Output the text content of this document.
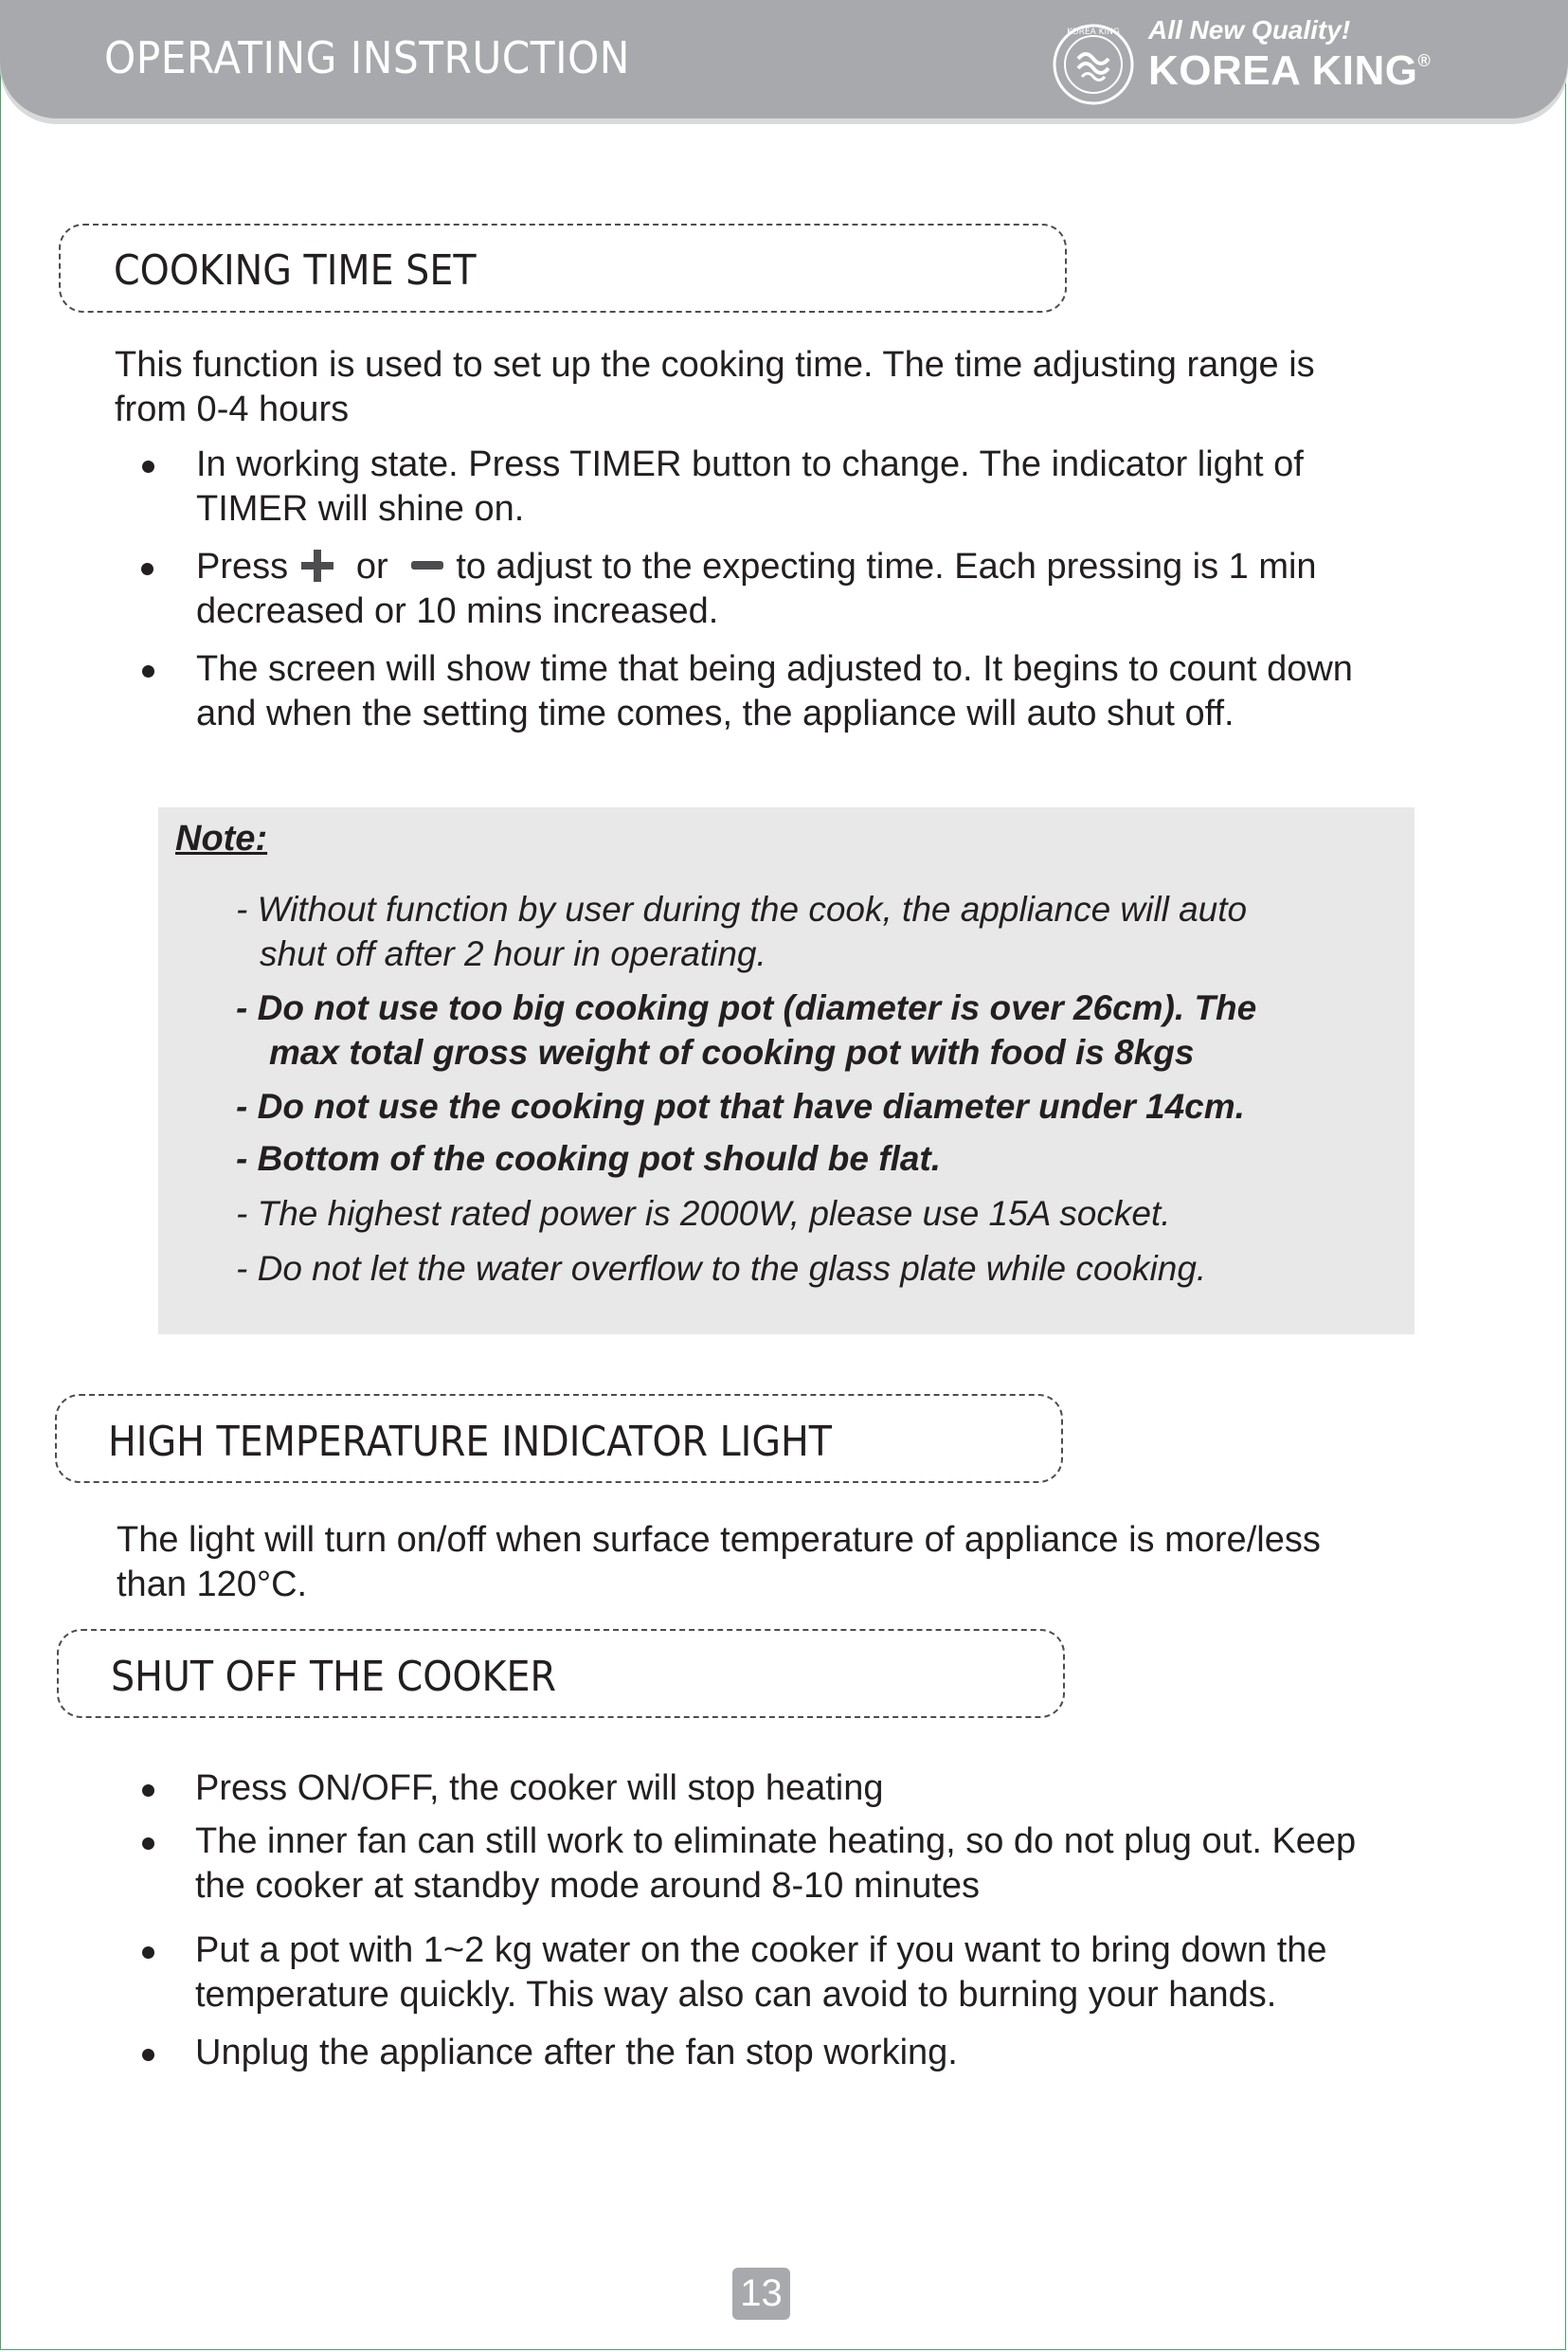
OPERATING INSTRUCTION	KOREA KING All New Quality!
KOREA KING®
COOKING TIME SET

This function is used to set up the cooking time. The time adjusting range is
from 0-4 hours

In working state. Press TIMER button to change. The indicator light of
TIMER will shine on.
Press or to adjust to the expecting time. Each pressing is 1 min
decreased or 10 mins increased.
The screen will show time that being adjusted to. It begins to count down
and when the setting time comes, the appliance will auto shut off.
Note:
- Without function by user during the cook, the appliance will auto
shut off after 2 hour in operating.
- Do not use too big cooking pot (diameter is over 26cm). The
max total gross weight of cooking pot with food is 8kgs
- Do not use the cooking pot that have diameter under 14cm.
- Bottom of the cooking pot should be flat.
- The highest rated power is 2000W, please use 15A socket.
- Do not let the water overflow to the glass plate while cooking.
HIGH TEMPERATURE INDICATOR LIGHT

The light will turn on/off when surface temperature of appliance is more/less
than 120°C.

SHUT OFF THE COOKER
Press ON/OFF, the cooker will stop heating
The inner fan can still work to eliminate heating, so do not plug out. Keep
the cooker at standby mode around 8-10 minutes
Put a pot with 1~2 kg water on the cooker if you want to bring down the
temperature quickly. This way also can avoid to burning your hands.
Unplug the appliance after the fan stop working.
13
